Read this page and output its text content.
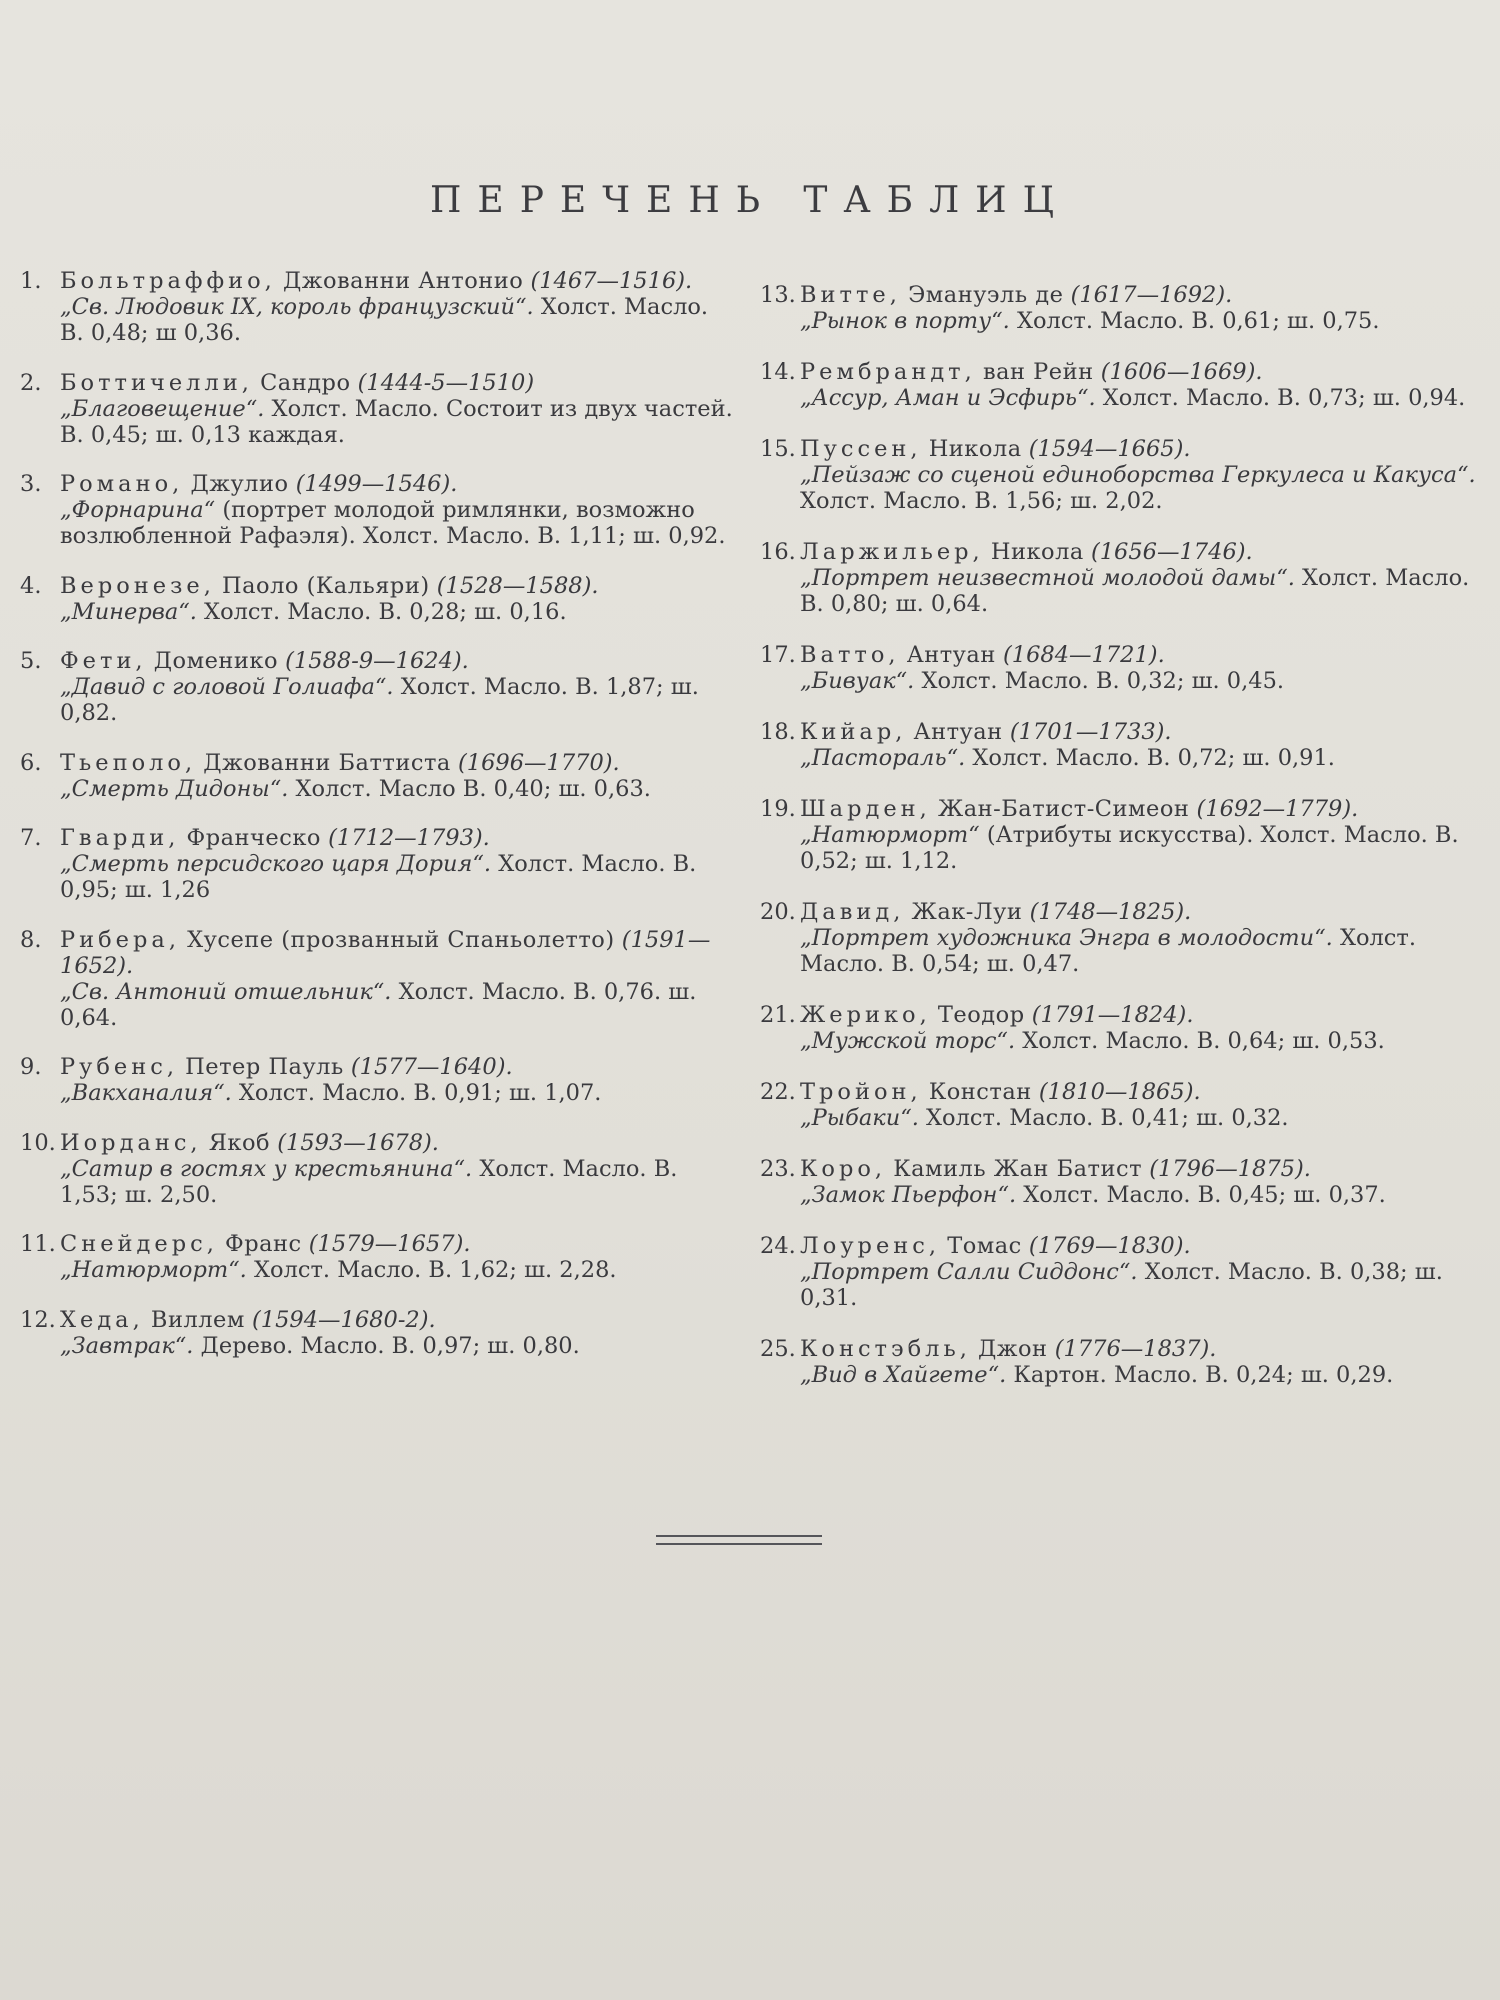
ПЕРЕЧЕНЬ ТАБЛИЦ
1. Больтраффио, Джованни Антонио (1467—1516).
„Св. Людовик IX, король французский“. Холст. Масло. В. 0,48; ш 0,36.
2. Боттичелли, Сандро (1444-5—1510)
„Благовещение“. Холст. Масло. Состоит из двух частей. В. 0,45; ш. 0,13 каждая.
3. Романо, Джулио (1499—1546).
„Форнарина“ (портрет молодой римлянки, возможно возлюбленной Рафаэля). Холст. Масло. В. 1,11; ш. 0,92.
4. Веронезе, Паоло (Кальяри) (1528—1588).
„Минерва“. Холст. Масло. В. 0,28; ш. 0,16.
5. Фети, Доменико (1588-9—1624).
„Давид с головой Голиафа“. Холст. Масло. В. 1,87; ш. 0,82.
6. Тьеполо, Джованни Баттиста (1696—1770).
„Смерть Дидоны“. Холст. Масло В. 0,40; ш. 0,63.
7. Гварди, Франческо (1712—1793).
„Смерть персидского царя Дория“. Холст. Масло. В. 0,95; ш. 1,26
8. Рибера, Хусепе (прозванный Спаньолетто) (1591—1652).
„Св. Антоний отшельник“. Холст. Масло. В. 0,76. ш. 0,64.
9. Рубенс, Петер Пауль (1577—1640).
„Вакханалия“. Холст. Масло. В. 0,91; ш. 1,07.
10. Иорданс, Якоб (1593—1678).
„Сатир в гостях у крестьянина“. Холст. Масло. В. 1,53; ш. 2,50.
11. Снейдерс, Франс (1579—1657).
„Натюрморт“. Холст. Масло. В. 1,62; ш. 2,28.
12. Хеда, Виллем (1594—1680-2).
„Завтрак“. Дерево. Масло. В. 0,97; ш. 0,80.
13. Витте, Эмануэль де (1617—1692).
„Рынок в порту“. Холст. Масло. В. 0,61; ш. 0,75.
14. Рембрандт, ван Рейн (1606—1669).
„Ассур, Аман и Эсфирь“. Холст. Масло. В. 0,73; ш. 0,94.
15. Пуссен, Никола (1594—1665).
„Пейзаж со сценой единоборства Геркулеса и Какуса“. Холст. Масло. В. 1,56; ш. 2,02.
16. Ларжильер, Никола (1656—1746).
„Портрет неизвестной молодой дамы“. Холст. Масло. В. 0,80; ш. 0,64.
17. Ватто, Антуан (1684—1721).
„Бивуак“. Холст. Масло. В. 0,32; ш. 0,45.
18. Кийар, Антуан (1701—1733).
„Пастораль“. Холст. Масло. В. 0,72; ш. 0,91.
19. Шарден, Жан-Батист-Симеон (1692—1779).
„Натюрморт“ (Атрибуты искусства). Холст. Масло. В. 0,52; ш. 1,12.
20. Давид, Жак-Луи (1748—1825).
„Портрет художника Энгра в молодости“. Холст. Масло. В. 0,54; ш. 0,47.
21. Жерико, Теодор (1791—1824).
„Мужской торс“. Холст. Масло. В. 0,64; ш. 0,53.
22. Тройон, Констан (1810—1865).
„Рыбаки“. Холст. Масло. В. 0,41; ш. 0,32.
23. Коро, Камиль Жан Батист (1796—1875).
„Замок Пьерфон“. Холст. Масло. В. 0,45; ш. 0,37.
24. Лоуренс, Томас (1769—1830).
„Портрет Салли Сиддонс“. Холст. Масло. В. 0,38; ш. 0,31.
25. Констэбль, Джон (1776—1837).
„Вид в Хайгете“. Картон. Масло. В. 0,24; ш. 0,29.
